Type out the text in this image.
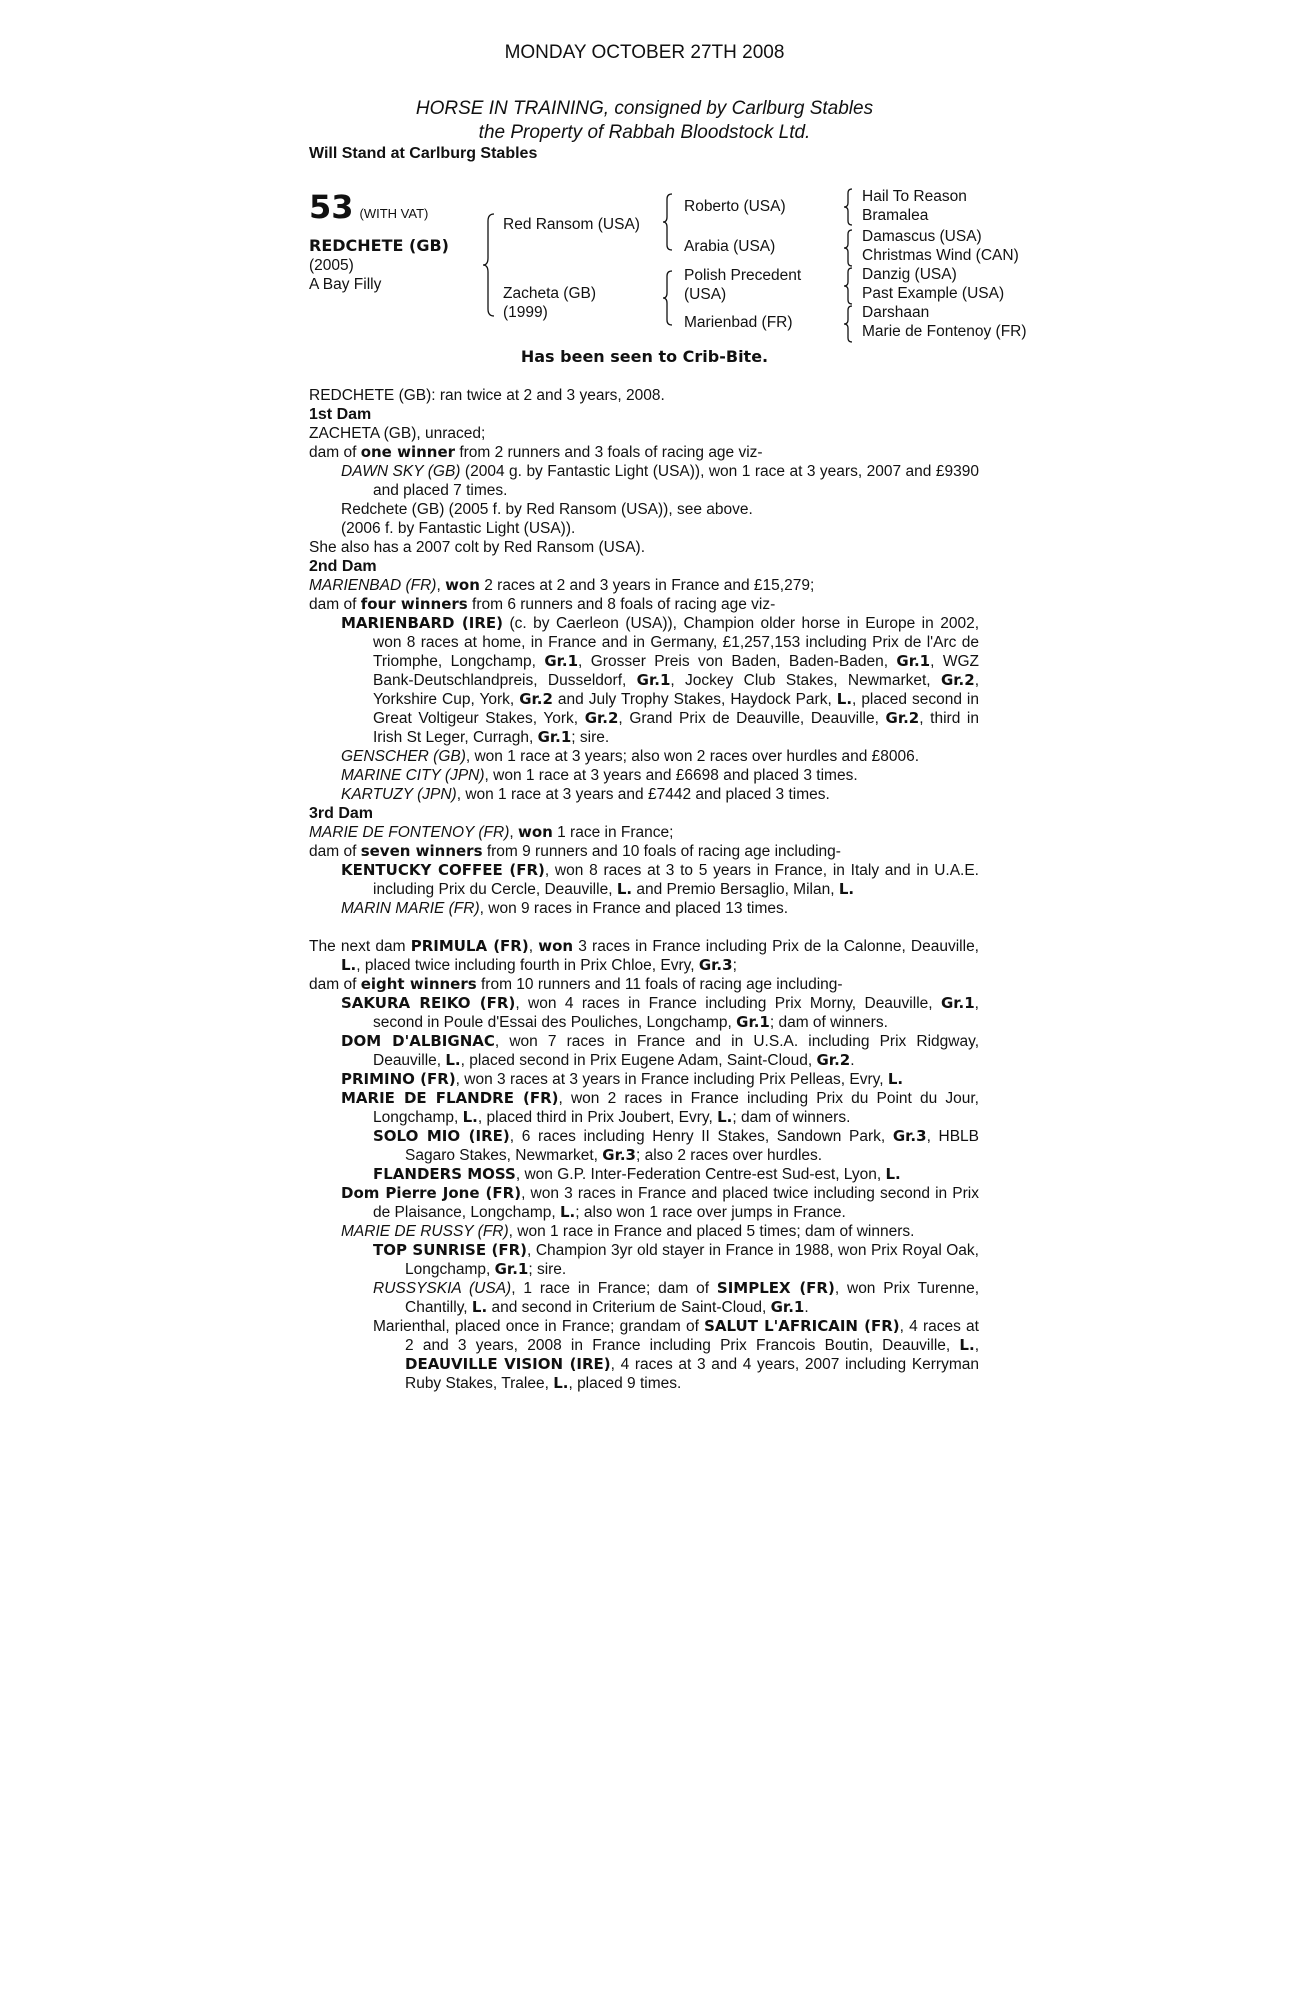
MONDAY OCTOBER 27TH 2008
HORSE IN TRAINING, consigned by Carlburg Stables
the Property of Rabbah Bloodstock Ltd.
Will Stand at Carlburg Stables
53 (WITH VAT)
REDCHETE (GB)
(2005)
A Bay Filly
Red Ransom (USA)
Zacheta (GB)
(1999)
Roberto (USA)
Arabia (USA)
Polish Precedent
(USA)
Marienbad (FR)
Hail To Reason
Bramalea
Damascus (USA)
Christmas Wind (CAN)
Danzig (USA)
Past Example (USA)
Darshaan
Marie de Fontenoy (FR)
Has been seen to Crib-Bite.

REDCHETE (GB): ran twice at 2 and 3 years, 2008.

1st Dam

ZACHETA (GB), unraced;

dam of one winner from 2 runners and 3 foals of racing age viz-

DAWN SKY (GB) (2004 g. by Fantastic Light (USA)), won 1 race at 3 years, 2007 and £9390 and placed 7 times.

Redchete (GB) (2005 f. by Red Ransom (USA)), see above.

(2006 f. by Fantastic Light (USA)).

She also has a 2007 colt by Red Ransom (USA).

2nd Dam

MARIENBAD (FR), won 2 races at 2 and 3 years in France and £15,279;

dam of four winners from 6 runners and 8 foals of racing age viz-

MARIENBARD (IRE) (c. by Caerleon (USA)), Champion older horse in Europe in 2002, won 8 races at home, in France and in Germany, £1,257,153 including Prix de l'Arc de Triomphe, Longchamp, Gr.1, Grosser Preis von Baden, Baden-Baden, Gr.1, WGZ Bank-Deutschlandpreis, Dusseldorf, Gr.1, Jockey Club Stakes, Newmarket, Gr.2, Yorkshire Cup, York, Gr.2 and July Trophy Stakes, Haydock Park, L., placed second in Great Voltigeur Stakes, York, Gr.2, Grand Prix de Deauville, Deauville, Gr.2, third in Irish St Leger, Curragh, Gr.1; sire.

GENSCHER (GB), won 1 race at 3 years; also won 2 races over hurdles and £8006.

MARINE CITY (JPN), won 1 race at 3 years and £6698 and placed 3 times.

KARTUZY (JPN), won 1 race at 3 years and £7442 and placed 3 times.

3rd Dam

MARIE DE FONTENOY (FR), won 1 race in France;

dam of seven winners from 9 runners and 10 foals of racing age including-

KENTUCKY COFFEE (FR), won 8 races at 3 to 5 years in France, in Italy and in U.A.E. including Prix du Cercle, Deauville, L. and Premio Bersaglio, Milan, L.

MARIN MARIE (FR), won 9 races in France and placed 13 times.

The next dam PRIMULA (FR), won 3 races in France including Prix de la Calonne, Deauville, L., placed twice including fourth in Prix Chloe, Evry, Gr.3;

dam of eight winners from 10 runners and 11 foals of racing age including-

SAKURA REIKO (FR), won 4 races in France including Prix Morny, Deauville, Gr.1, second in Poule d'Essai des Pouliches, Longchamp, Gr.1; dam of winners.

DOM D'ALBIGNAC, won 7 races in France and in U.S.A. including Prix Ridgway, Deauville, L., placed second in Prix Eugene Adam, Saint-Cloud, Gr.2.

PRIMINO (FR), won 3 races at 3 years in France including Prix Pelleas, Evry, L.

MARIE DE FLANDRE (FR), won 2 races in France including Prix du Point du Jour, Longchamp, L., placed third in Prix Joubert, Evry, L.; dam of winners.

SOLO MIO (IRE), 6 races including Henry II Stakes, Sandown Park, Gr.3, HBLB Sagaro Stakes, Newmarket, Gr.3; also 2 races over hurdles.

FLANDERS MOSS, won G.P. Inter-Federation Centre-est Sud-est, Lyon, L.

Dom Pierre Jone (FR), won 3 races in France and placed twice including second in Prix de Plaisance, Longchamp, L.; also won 1 race over jumps in France.

MARIE DE RUSSY (FR), won 1 race in France and placed 5 times; dam of winners.

TOP SUNRISE (FR), Champion 3yr old stayer in France in 1988, won Prix Royal Oak, Longchamp, Gr.1; sire.

RUSSYSKIA (USA), 1 race in France; dam of SIMPLEX (FR), won Prix Turenne, Chantilly, L. and second in Criterium de Saint-Cloud, Gr.1.

Marienthal, placed once in France; grandam of SALUT L'AFRICAIN (FR), 4 races at 2 and 3 years, 2008 in France including Prix Francois Boutin, Deauville, L., DEAUVILLE VISION (IRE), 4 races at 3 and 4 years, 2007 including Kerryman Ruby Stakes, Tralee, L., placed 9 times.
